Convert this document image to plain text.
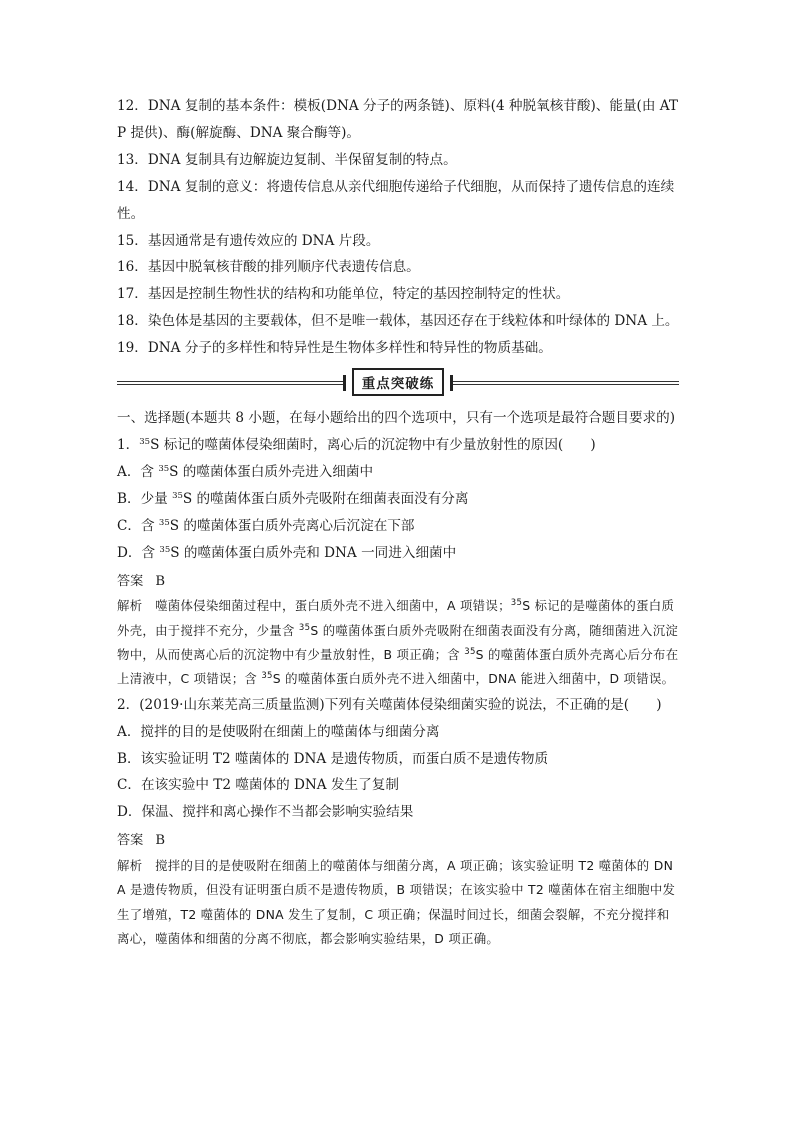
12．DNA 复制的基本条件：模板(DNA 分子的两条链)、原料(4 种脱氧核苷酸)、能量(由 ATP 提供)、酶(解旋酶、DNA 聚合酶等)。

13．DNA 复制具有边解旋边复制、半保留复制的特点。

14．DNA 复制的意义：将遗传信息从亲代细胞传递给子代细胞，从而保持了遗传信息的连续性。

15．基因通常是有遗传效应的 DNA 片段。

16．基因中脱氧核苷酸的排列顺序代表遗传信息。

17．基因是控制生物性状的结构和功能单位，特定的基因控制特定的性状。

18．染色体是基因的主要载体，但不是唯一载体，基因还存在于线粒体和叶绿体的 DNA 上。

19．DNA 分子的多样性和特异性是生物体多样性和特异性的物质基础。

重点突破练

一、选择题(本题共 8 小题，在每小题给出的四个选项中，只有一个选项是最符合题目要求的)

1．$^{35}$S 标记的噬菌体侵染细菌时，离心后的沉淀物中有少量放射性的原因(　　)

A．含 $^{35}$S 的噬菌体蛋白质外壳进入细菌中

B．少量 $^{35}$S 的噬菌体蛋白质外壳吸附在细菌表面没有分离

C．含 $^{35}$S 的噬菌体蛋白质外壳离心后沉淀在下部

D．含 $^{35}$S 的噬菌体蛋白质外壳和 DNA 一同进入细菌中

答案 B

解析　 噬菌体侵染细菌过程中，蛋白质外壳不进入细菌中，A 项错误；$^{35}$S 标记的是噬菌体的蛋白质外壳，由于搅拌不充分，少量含 $^{35}$S 的噬菌体蛋白质外壳吸附在细菌表面没有分离，随细菌进入沉淀物中，从而使离心后的沉淀物中有少量放射性，B 项正确；含 $^{35}$S 的噬菌体蛋白质外壳离心后分布在上清液中，C 项错误；含 $^{35}$S 的噬菌体蛋白质外壳不进入细菌中，DNA 能进入细菌中，D 项错误。

2．(2019·山东莱芜高三质量监测)下列有关噬菌体侵染细菌实验的说法，不正确的是(　　)

A．搅拌的目的是使吸附在细菌上的噬菌体与细菌分离

B．该实验证明 T2 噬菌体的 DNA 是遗传物质，而蛋白质不是遗传物质

C．在该实验中 T2 噬菌体的 DNA 发生了复制

D．保温、搅拌和离心操作不当都会影响实验结果

答案 B

解析　 搅拌的目的是使吸附在细菌上的噬菌体与细菌分离，A 项正确；该实验证明 T2 噬菌体的 DNA 是遗传物质，但没有证明蛋白质不是遗传物质，B 项错误；在该实验中 T2 噬菌体在宿主细胞中发生了增殖，T2 噬菌体的 DNA 发生了复制，C 项正确；保温时间过长，细菌会裂解，不充分搅拌和离心，噬菌体和细菌的分离不彻底，都会影响实验结果，D 项正确。
